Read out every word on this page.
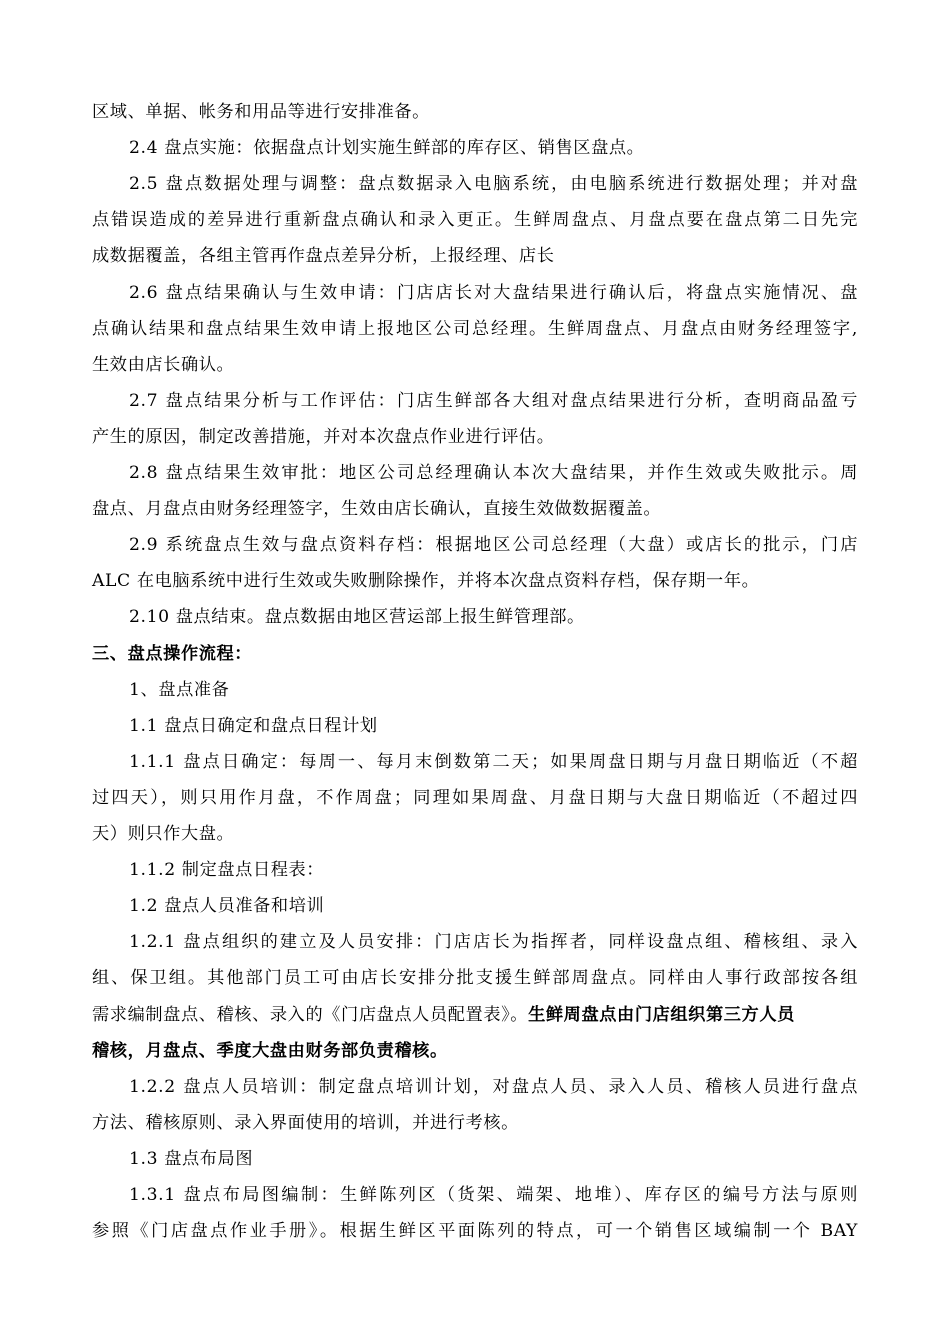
区域、单据、帐务和用品等进行安排准备。
2.4 盘点实施：依据盘点计划实施生鲜部的库存区、销售区盘点。
2.5 盘点数据处理与调整：盘点数据录入电脑系统，由电脑系统进行数据处理；并对盘
点错误造成的差异进行重新盘点确认和录入更正。生鲜周盘点、月盘点要在盘点第二日先完
成数据覆盖，各组主管再作盘点差异分析，上报经理、店长
2.6 盘点结果确认与生效申请：门店店长对大盘结果进行确认后，将盘点实施情况、盘
点确认结果和盘点结果生效申请上报地区公司总经理。生鲜周盘点、月盘点由财务经理签字,
生效由店长确认。
2.7 盘点结果分析与工作评估：门店生鲜部各大组对盘点结果进行分析，查明商品盈亏
产生的原因，制定改善措施，并对本次盘点作业进行评估。
2.8 盘点结果生效审批：地区公司总经理确认本次大盘结果，并作生效或失败批示。周
盘点、月盘点由财务经理签字，生效由店长确认，直接生效做数据覆盖。
2.9 系统盘点生效与盘点资料存档：根据地区公司总经理（大盘）或店长的批示，门店
ALC 在电脑系统中进行生效或失败删除操作，并将本次盘点资料存档，保存期一年。
2.10 盘点结束。盘点数据由地区营运部上报生鲜管理部。
三、盘点操作流程：
1、盘点准备
1.1 盘点日确定和盘点日程计划
1.1.1 盘点日确定：每周一、每月末倒数第二天；如果周盘日期与月盘日期临近（不超
过四天），则只用作月盘，不作周盘；同理如果周盘、月盘日期与大盘日期临近（不超过四
天）则只作大盘。
1.1.2 制定盘点日程表：
1.2 盘点人员准备和培训
1.2.1 盘点组织的建立及人员安排：门店店长为指挥者，同样设盘点组、稽核组、录入
组、保卫组。其他部门员工可由店长安排分批支援生鲜部周盘点。同样由人事行政部按各组
需求编制盘点、稽核、录入的《门店盘点人员配置表》。生鲜周盘点由门店组织第三方人员
稽核，月盘点、季度大盘由财务部负责稽核。
1.2.2 盘点人员培训：制定盘点培训计划，对盘点人员、录入人员、稽核人员进行盘点
方法、稽核原则、录入界面使用的培训，并进行考核。
1.3 盘点布局图
1.3.1 盘点布局图编制：生鲜陈列区（货架、端架、地堆）、库存区的编号方法与原则
参照《门店盘点作业手册》。根据生鲜区平面陈列的特点，可一个销售区域编制一个 BAY
